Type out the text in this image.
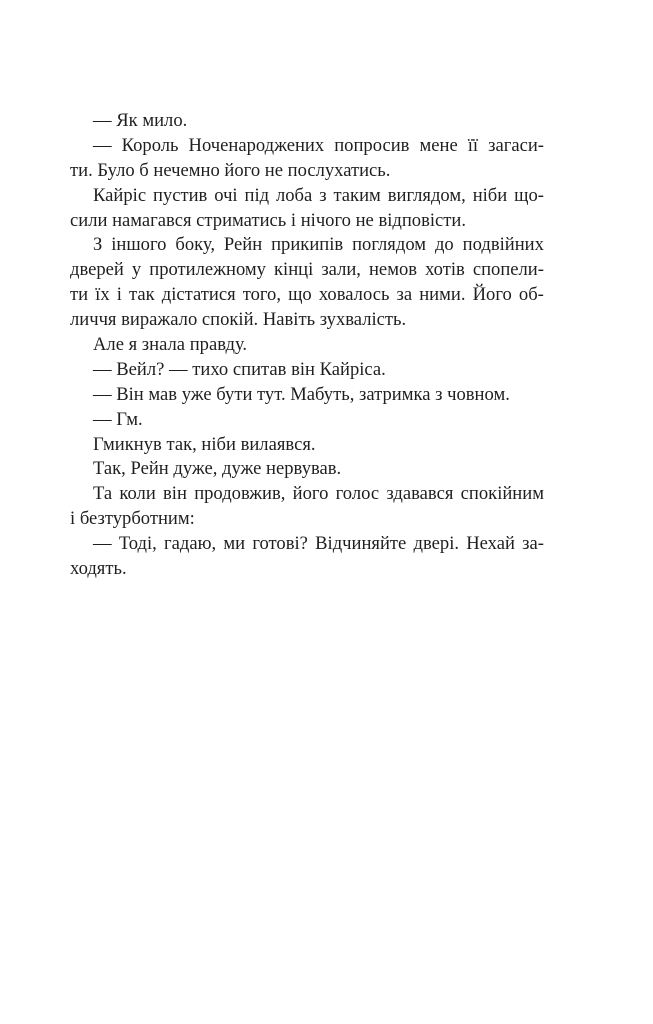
— Як мило.
— Король Ноченароджених попросив мене її загаси-
ти. Було б нечемно його не послухатись.
Кайріс пустив очі під лоба з таким виглядом, ніби що-
сили намагався стриматись і нічого не відповісти.
З іншого боку, Рейн прикипів поглядом до подвійних
дверей у протилежному кінці зали, немов хотів спопели-
ти їх і так дістатися того, що ховалось за ними. Його об-
личчя виражало спокій. Навіть зухвалість.
Але я знала правду.
— Вейл? — тихо спитав він Кайріса.
— Він мав уже бути тут. Мабуть, затримка з човном.
— Гм.
Гмикнув так, ніби вилаявся.
Так, Рейн дуже, дуже нервував.
Та коли він продовжив, його голос здавався спокійним
і безтурботним:
— Тоді, гадаю, ми готові? Відчиняйте двері. Нехай за-
ходять.
